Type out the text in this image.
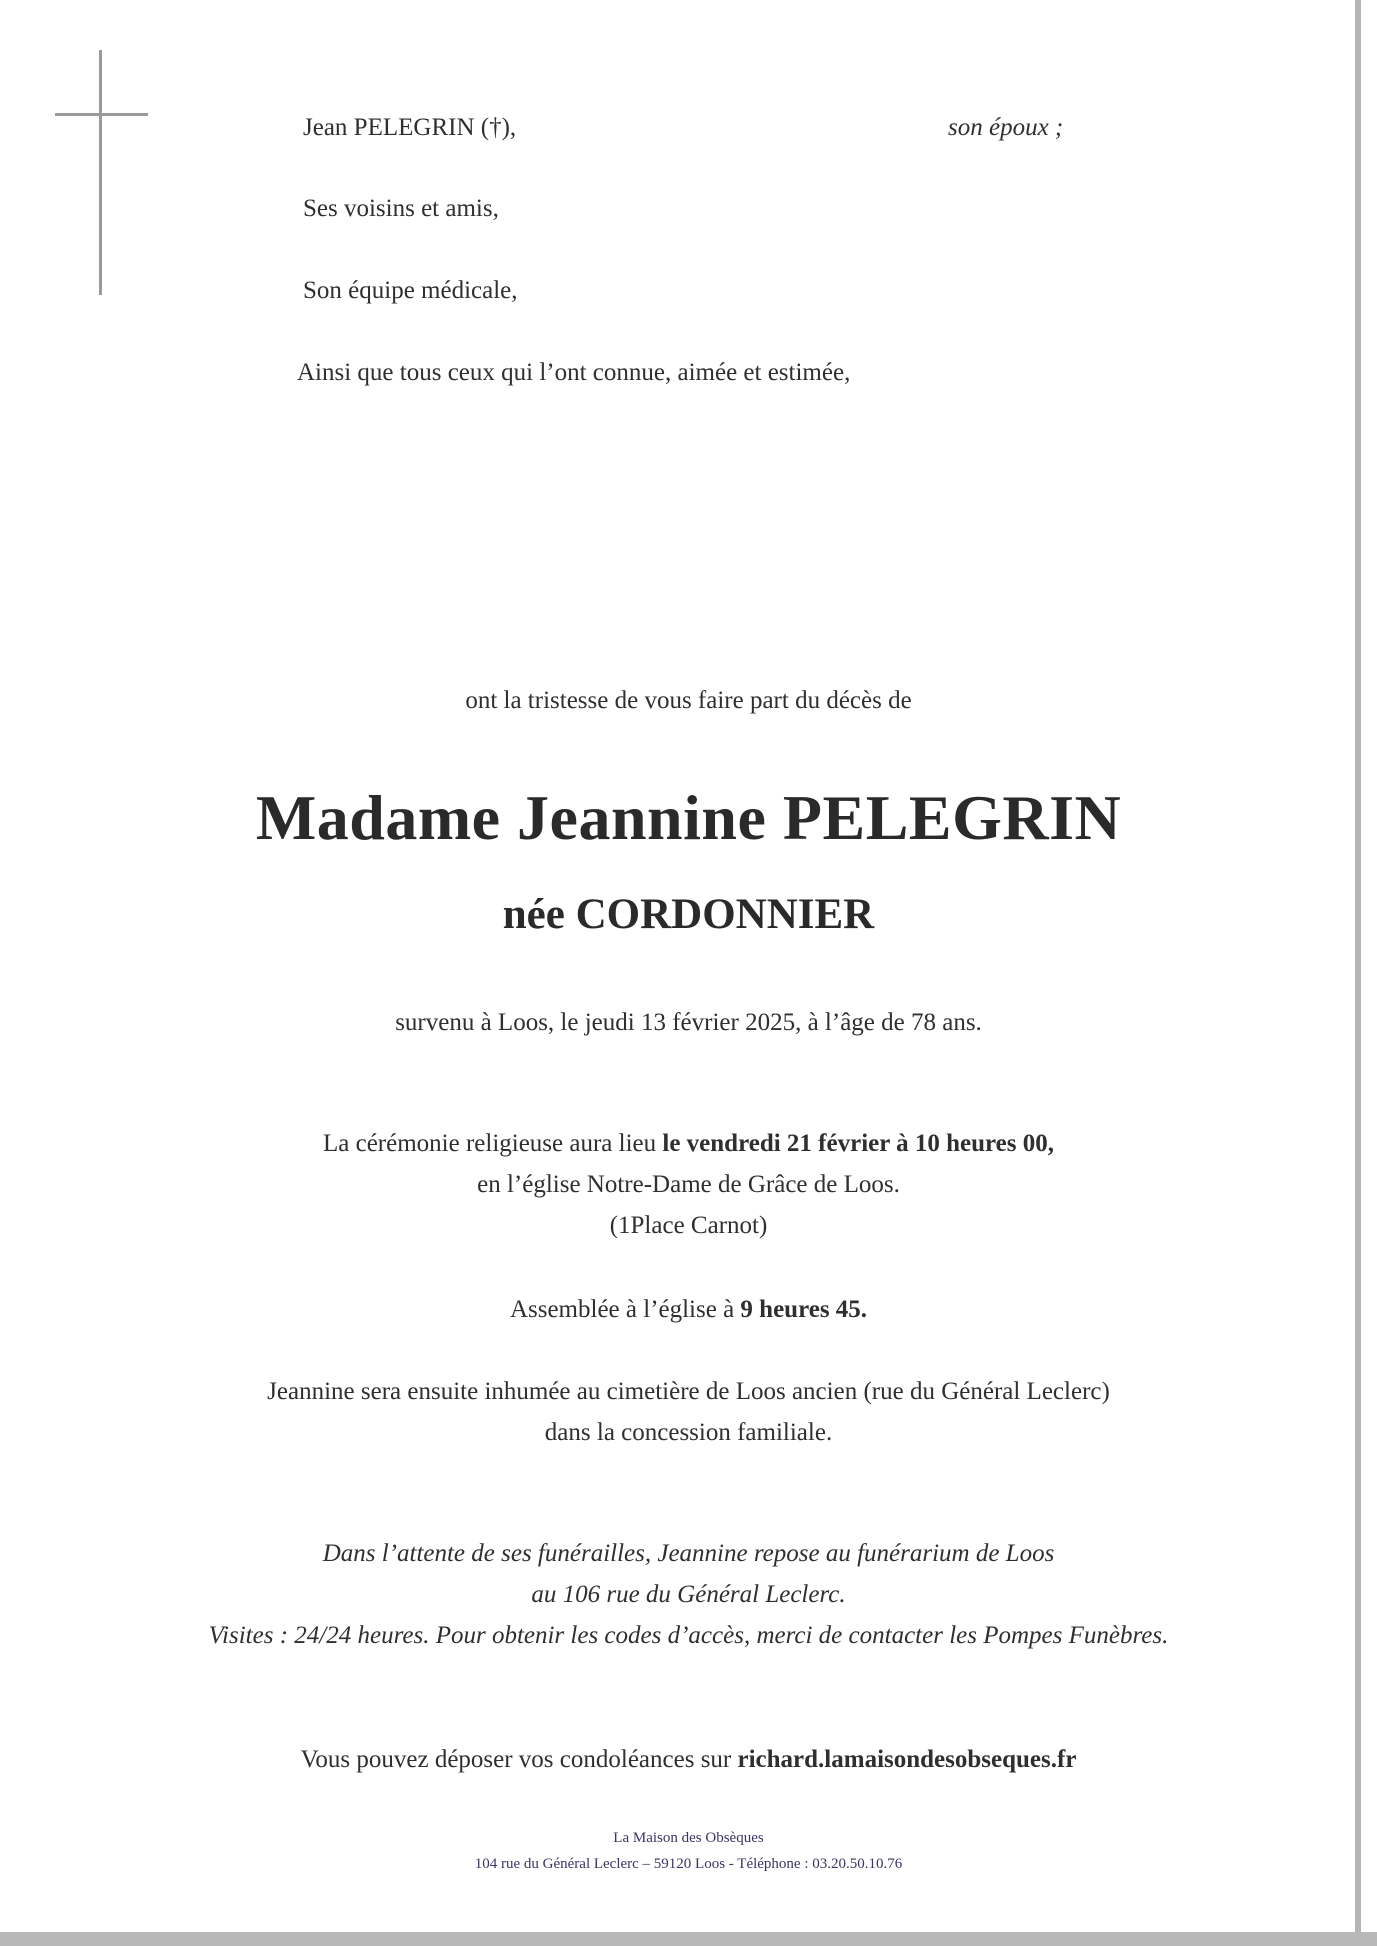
Jean PELEGRIN (†),	son époux ;
Ses voisins et amis,
Son équipe médicale,
Ainsi que tous ceux qui l’ont connue, aimée et estimée,
ont la tristesse de vous faire part du décès de
Madame Jeannine PELEGRIN
née CORDONNIER
survenu à Loos, le jeudi 13 février 2025, à l’âge de 78 ans.
La cérémonie religieuse aura lieu le vendredi 21 février à 10 heures 00,
en l’église Notre-Dame de Grâce de Loos.
(1Place Carnot)
Assemblée à l’église à 9 heures 45.
Jeannine sera ensuite inhumée au cimetière de Loos ancien (rue du Général Leclerc)
dans la concession familiale.
Dans l’attente de ses funérailles, Jeannine repose au funérarium de Loos
au 106 rue du Général Leclerc.
Visites : 24/24 heures. Pour obtenir les codes d’accès, merci de contacter les Pompes Funèbres.
Vous pouvez déposer vos condoléances sur richard.lamaisondesobseques.fr
La Maison des Obsèques
104 rue du Général Leclerc – 59120 Loos - Téléphone : 03.20.50.10.76
